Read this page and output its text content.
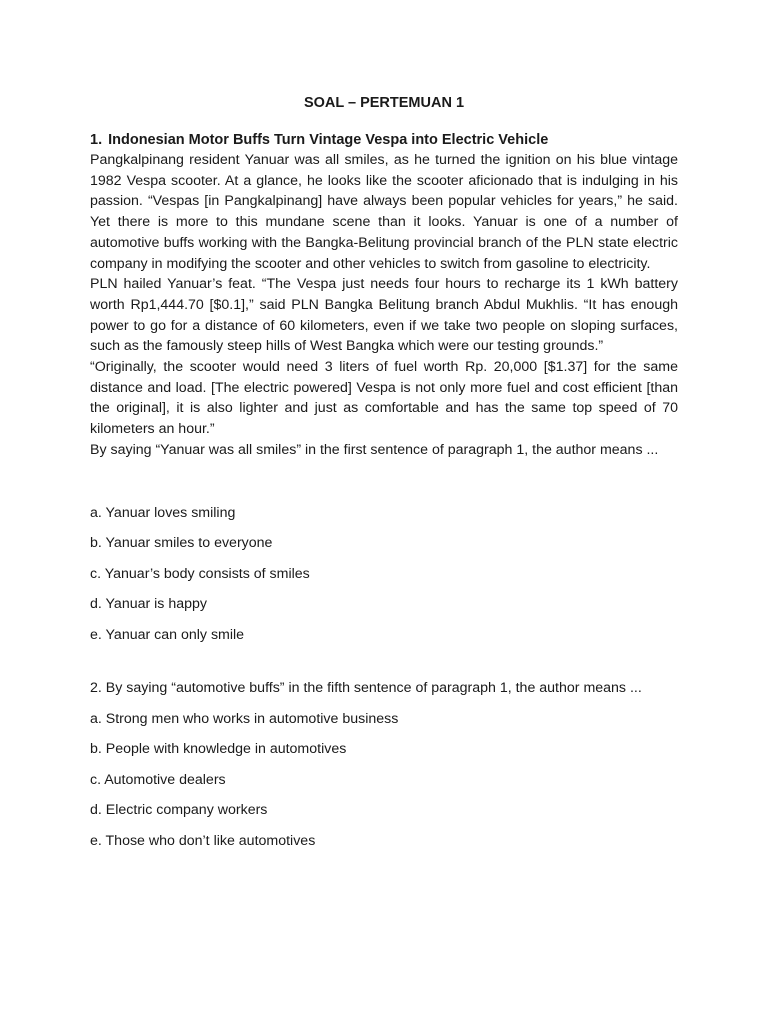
SOAL – PERTEMUAN 1

1. Indonesian Motor Buffs Turn Vintage Vespa into Electric Vehicle

Pangkalpinang resident Yanuar was all smiles, as he turned the ignition on his blue vintage 1982 Vespa scooter. At a glance, he looks like the scooter aficionado that is indulging in his passion. “Vespas [in Pangkalpinang] have always been popular vehicles for years,” he said. Yet there is more to this mundane scene than it looks. Yanuar is one of a number of automotive buffs working with the Bangka-Belitung provincial branch of the PLN state electric company in modifying the scooter and other vehicles to switch from gasoline to electricity.

PLN hailed Yanuar’s feat. “The Vespa just needs four hours to recharge its 1 kWh battery worth Rp1,444.70 [$0.1],” said PLN Bangka Belitung branch Abdul Mukhlis. “It has enough power to go for a distance of 60 kilometers, even if we take two people on sloping surfaces, such as the famously steep hills of West Bangka which were our testing grounds.”

“Originally, the scooter would need 3 liters of fuel worth Rp. 20,000 [$1.37] for the same distance and load. [The electric powered] Vespa is not only more fuel and cost efficient [than the original], it is also lighter and just as comfortable and has the same top speed of 70 kilometers an hour.”

By saying “Yanuar was all smiles” in the first sentence of paragraph 1, the author means ...

a. Yanuar loves smiling
b. Yanuar smiles to everyone
c. Yanuar’s body consists of smiles
d. Yanuar is happy
e. Yanuar can only smile

2. By saying “automotive buffs” in the fifth sentence of paragraph 1, the author means ...

a. Strong men who works in automotive business
b. People with knowledge in automotives
c. Automotive dealers
d. Electric company workers
e. Those who don’t like automotives
